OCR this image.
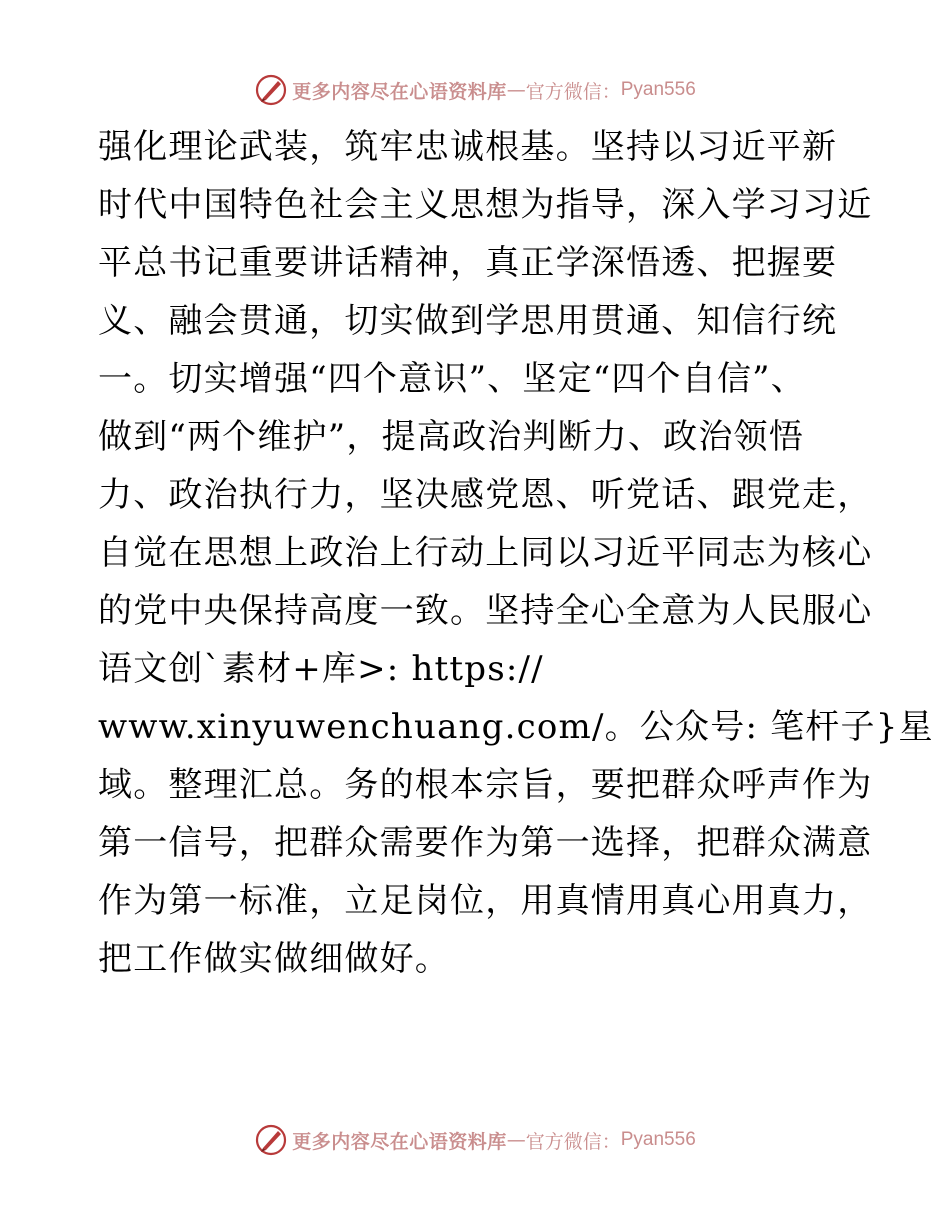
更多内容尽在心语资料库 — 官方微信： Pyan556
强化理论武装，筑牢忠诚根基。坚持以习近平新
时代中国特色社会主义思想为指导，深入学习习近
平总书记重要讲话精神，真正学深悟透、把握要
义、融会贯通，切实做到学思用贯通、知信行统
一。切实增强“四个意识”、坚定“四个自信”、
做到“两个维护”，提高政治判断力、政治领悟
力、政治执行力，坚决感党恩、听党话、跟党走，
自觉在思想上政治上行动上同以习近平同志为核心
的党中央保持高度一致。坚持全心全意为人民服心
语文创`素材+库>: https://
www.xinyuwenchuang.com/。公众号: 笔杆子}星
域。整理汇总。务的根本宗旨，要把群众呼声作为
第一信号，把群众需要作为第一选择，把群众满意
作为第一标准，立足岗位，用真情用真心用真力，
把工作做实做细做好。
更多内容尽在心语资料库 — 官方微信： Pyan556
